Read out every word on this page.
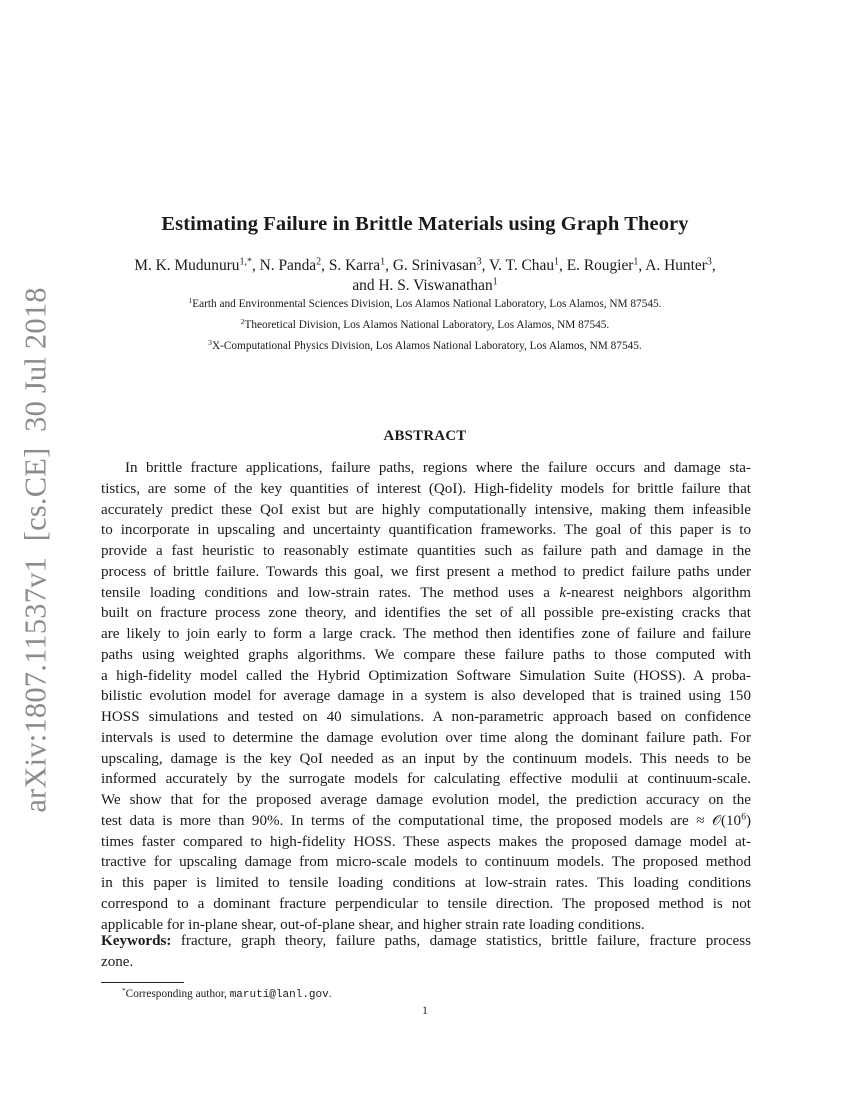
arXiv:1807.11537v1  [cs.CE]  30 Jul 2018
Estimating Failure in Brittle Materials using Graph Theory
M. K. Mudunuru$^{1,*}$, N. Panda$^2$, S. Karra$^1$, G. Srinivasan$^3$, V. T. Chau$^1$, E. Rougier$^1$, A. Hunter$^3$,
and H. S. Viswanathan$^1$
$^1$Earth and Environmental Sciences Division, Los Alamos National Laboratory, Los Alamos, NM 87545.
$^2$Theoretical Division, Los Alamos National Laboratory, Los Alamos, NM 87545.
$^3$X-Computational Physics Division, Los Alamos National Laboratory, Los Alamos, NM 87545.
ABSTRACT
In brittle fracture applications, failure paths, regions where the failure occurs and damage sta-
tistics, are some of the key quantities of interest (QoI). High-fidelity models for brittle failure that
accurately predict these QoI exist but are highly computationally intensive, making them infeasible
to incorporate in upscaling and uncertainty quantification frameworks. The goal of this paper is to
provide a fast heuristic to reasonably estimate quantities such as failure path and damage in the
process of brittle failure. Towards this goal, we first present a method to predict failure paths under
tensile loading conditions and low-strain rates. The method uses a k-nearest neighbors algorithm
built on fracture process zone theory, and identifies the set of all possible pre-existing cracks that
are likely to join early to form a large crack. The method then identifies zone of failure and failure
paths using weighted graphs algorithms. We compare these failure paths to those computed with
a high-fidelity model called the Hybrid Optimization Software Simulation Suite (HOSS). A proba-
bilistic evolution model for average damage in a system is also developed that is trained using 150
HOSS simulations and tested on 40 simulations. A non-parametric approach based on confidence
intervals is used to determine the damage evolution over time along the dominant failure path. For
upscaling, damage is the key QoI needed as an input by the continuum models. This needs to be
informed accurately by the surrogate models for calculating effective modulii at continuum-scale.
We show that for the proposed average damage evolution model, the prediction accuracy on the
test data is more than 90%. In terms of the computational time, the proposed models are ≈ $𝒪(10^6)$
times faster compared to high-fidelity HOSS. These aspects makes the proposed damage model at-
tractive for upscaling damage from micro-scale models to continuum models. The proposed method
in this paper is limited to tensile loading conditions at low-strain rates. This loading conditions
correspond to a dominant fracture perpendicular to tensile direction. The proposed method is not
applicable for in-plane shear, out-of-plane shear, and higher strain rate loading conditions.
Keywords: fracture, graph theory, failure paths, damage statistics, brittle failure, fracture process
zone.
*Corresponding author, maruti@lanl.gov.
1
